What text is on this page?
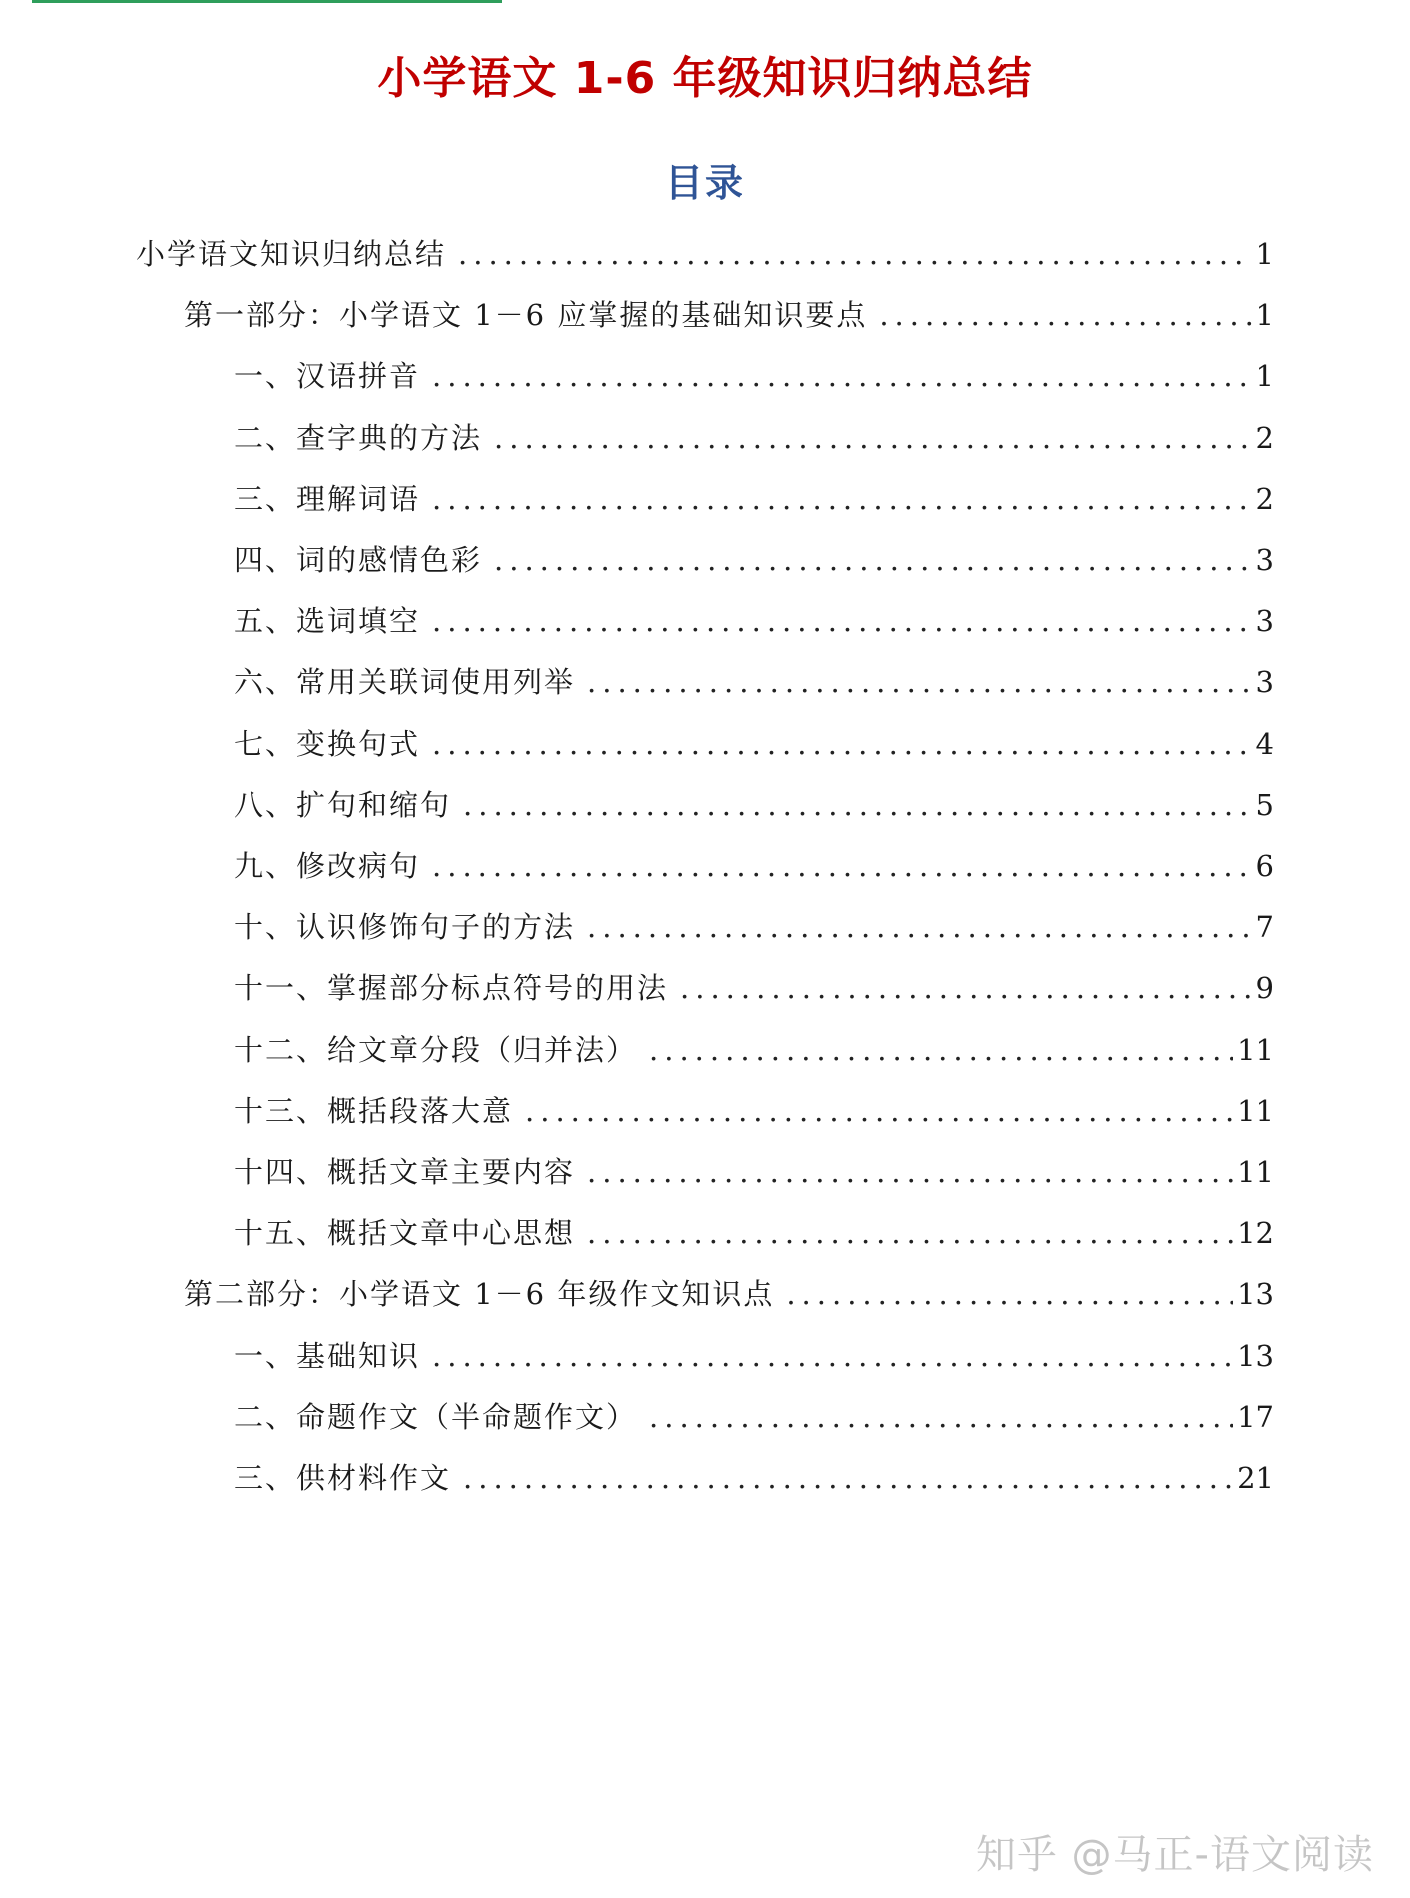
小学语文 1-6 年级知识归纳总结
目录
小学语文知识归纳总结 .....	1
第一部分：小学语文 1－6 应掌握的基础知识要点 .....	1
一、汉语拼音 .....	1
二、查字典的方法 .....	2
三、理解词语 .....	2
四、词的感情色彩 .....	3
五、选词填空 .....	3
六、常用关联词使用列举 .....	3
七、变换句式 .....	4
八、扩句和缩句 .....	5
九、修改病句 .....	6
十、认识修饰句子的方法 .....	7
十一、掌握部分标点符号的用法 .....	9
十二、给文章分段（归并法） .....	11
十三、概括段落大意 .....	11
十四、概括文章主要内容 .....	11
十五、概括文章中心思想 .....	12
第二部分：小学语文 1－6 年级作文知识点 .....	13
一、基础知识 .....	13
二、命题作文（半命题作文） .....	17
三、供材料作文 .....	21
知乎 @马正-语文阅读
